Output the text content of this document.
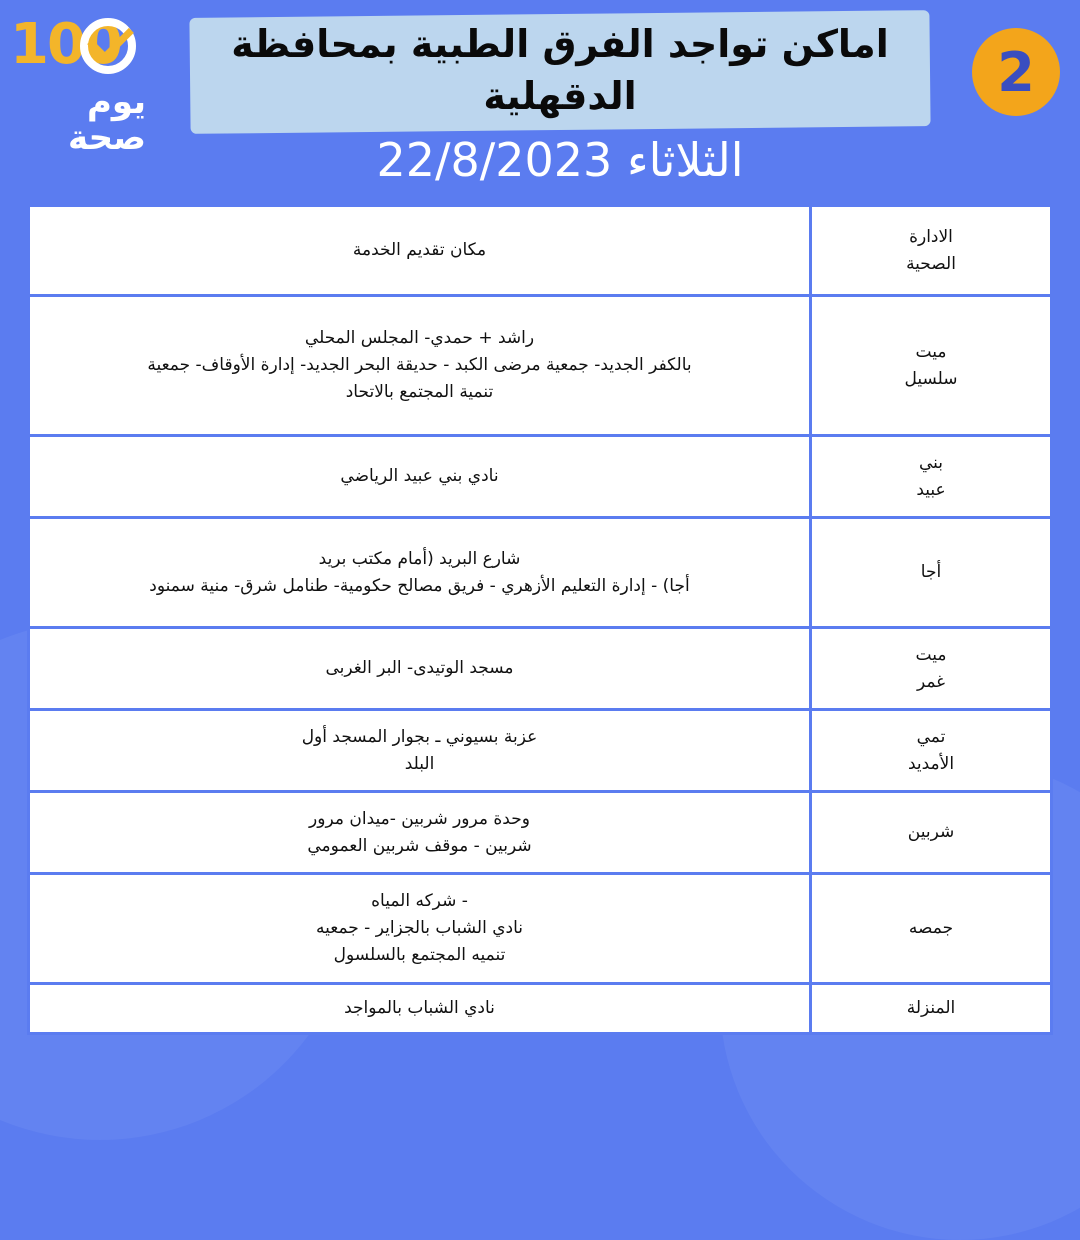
100
يوم
صحة
اماكن تواجد الفرق الطبية بمحافظة الدقهلية
الثلاثاء 22/8/2023
2
الادارة
الصحية	مكان تقديم الخدمة

ميت
سلسيل	راشد + حمدي- المجلس المحلي
بالكفر الجديد- جمعية مرضى الكبد - حديقة البحر الجديد- إدارة الأوقاف- جمعية
تنمية المجتمع بالاتحاد

بني
عبيد	نادي بني عبيد الرياضي

أجا	شارع البريد (أمام مكتب بريد
أجا) - إدارة التعليم الأزهري - فريق مصالح حكومية- طنامل شرق- منية سمنود

ميت
غمر	مسجد الوتيدى- البر الغربى

تمي
الأمديد	عزبة بسيوني ـ بجوار المسجد أول
البلد

شربين	وحدة مرور شربين -ميدان مرور
شربين - موقف شربين العمومي

جمصه	- شركه المياه
نادي الشباب بالجزاير - جمعيه
تنميه المجتمع بالسلسول

المنزلة	نادي الشباب بالمواجد
